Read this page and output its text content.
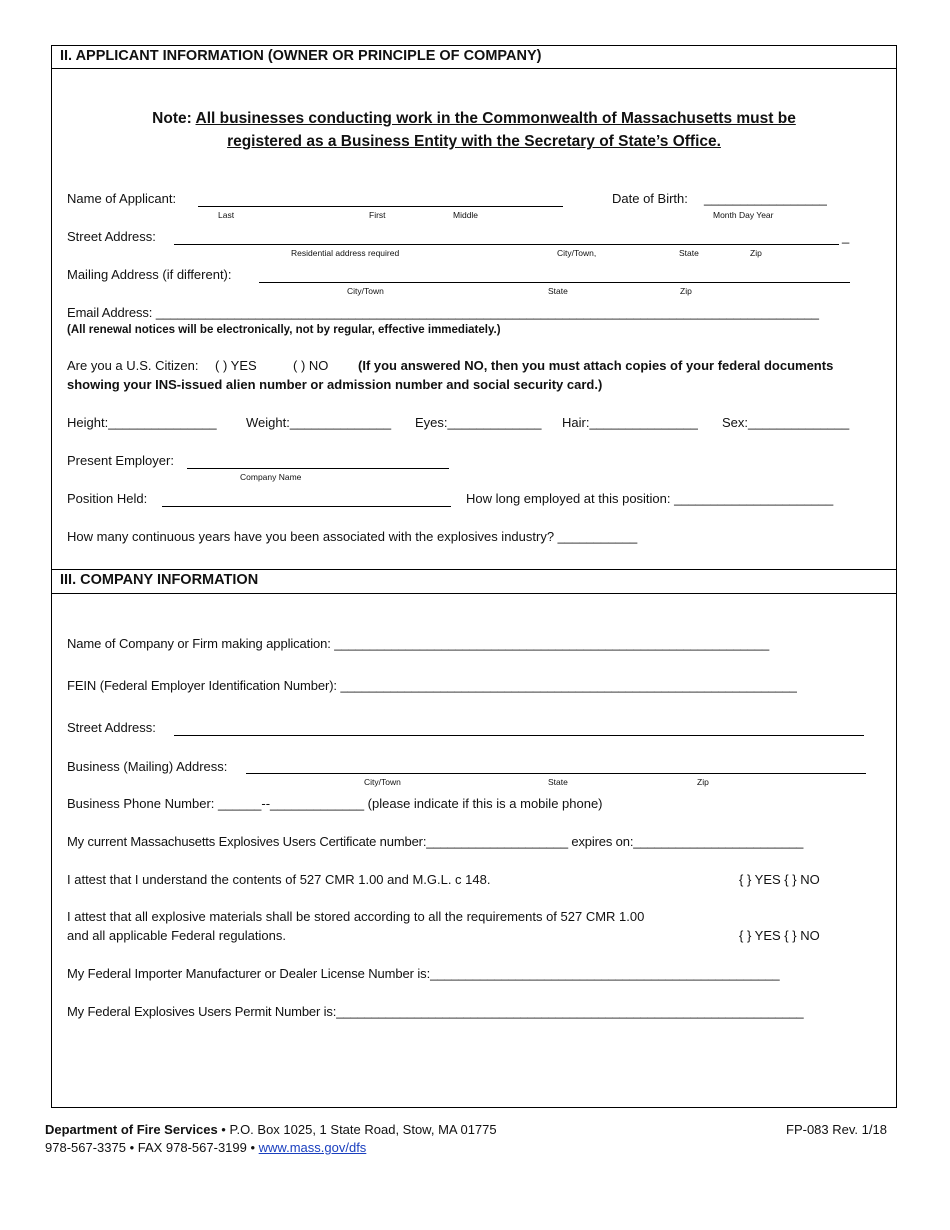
II. APPLICANT INFORMATION (OWNER OR PRINCIPLE OF COMPANY)
Note: All businesses conducting work in the Commonwealth of Massachusetts must be
registered as a Business Entity with the Secretary of State’s Office.
Name of Applicant:
Last	First	Middle
Date of Birth: _________________
Month Day Year
Street Address:	_
Residential address required	City/Town,	State	Zip
Mailing Address (if different):
City/Town	State	Zip
Email Address: _____________________________________________________________________________________________
(All renewal notices will be electronically, not by regular, effective immediately.)
Are you a U.S. Citizen: ( ) YES	( ) NO (If you answered NO, then you must attach copies of your federal documents
showing your INS-issued alien number or admission number and social security card.)
Height:_______________ Weight:______________ Eyes:_____________ Hair:_______________ Sex:______________
Present Employer:
Company Name
Position Held:	How long employed at this position: ______________________
How many continuous years have you been associated with the explosives industry? ___________
III. COMPANY INFORMATION
Name of Company or Firm making application: _____________________________________________________________
FEIN (Federal Employer Identification Number): ________________________________________________________________
Street Address:
Business (Mailing) Address:
City/Town	State	Zip
Business Phone Number: ______--_____________ (please indicate if this is a mobile phone)
My current Massachusetts Explosives Users Certificate number:____________________ expires on:________________________
I attest that I understand the contents of 527 CMR 1.00 and M.G.L. c 148.	{ } YES { } NO
I attest that all explosive materials shall be stored according to all the requirements of 527 CMR 1.00
and all applicable Federal regulations.	{ } YES { } NO
My Federal Importer Manufacturer or Dealer License Number is:_________________________________________________
My Federal Explosives Users Permit Number is:__________________________________________________________________
Department of Fire Services • P.O. Box 1025, 1 State Road, Stow, MA 01775
978-567-3375 • FAX 978-567-3199 • www.mass.gov/dfs
FP-083 Rev. 1/18
